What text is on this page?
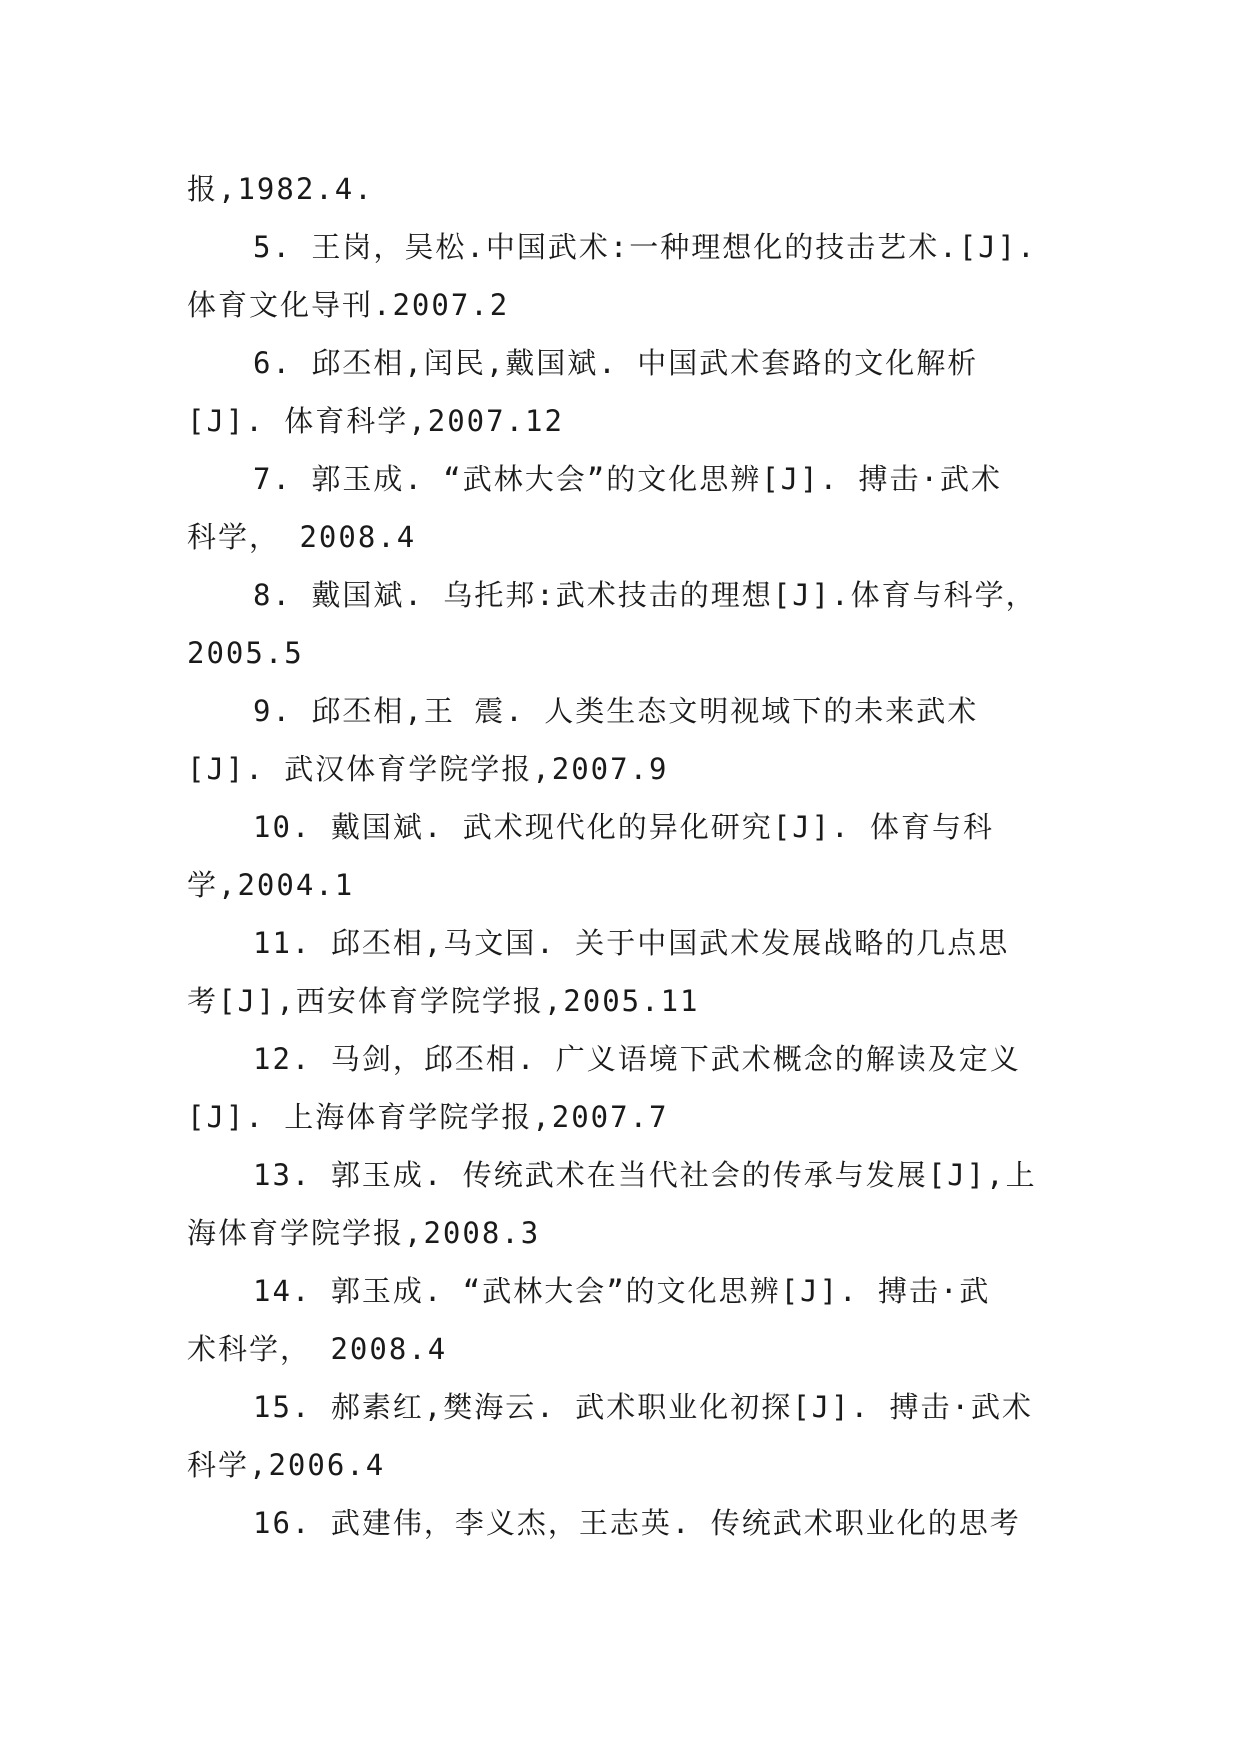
报,1982.4.
5. 王岗，吴松.中国武术:一种理想化的技击艺术.[J].
体育文化导刊.2007.2
6. 邱丕相,闰民,戴国斌. 中国武术套路的文化解析
[J]. 体育科学,2007.12
7. 郭玉成. “武林大会”的文化思辨[J]. 搏击·武术
科学， 2008.4
8. 戴国斌. 乌托邦:武术技击的理想[J].体育与科学，
2005.5
9. 邱丕相,王 震. 人类生态文明视域下的未来武术
[J]. 武汉体育学院学报,2007.9
10. 戴国斌. 武术现代化的异化研究[J]. 体育与科
学,2004.1
11. 邱丕相,马文国. 关于中国武术发展战略的几点思
考[J],西安体育学院学报,2005.11
12. 马剑，邱丕相. 广义语境下武术概念的解读及定义
[J]. 上海体育学院学报,2007.7
13. 郭玉成. 传统武术在当代社会的传承与发展[J],上
海体育学院学报,2008.3
14. 郭玉成. “武林大会”的文化思辨[J]. 搏击·武
术科学， 2008.4
15. 郝素红,樊海云. 武术职业化初探[J]. 搏击·武术
科学,2006.4
16. 武建伟，李义杰，王志英. 传统武术职业化的思考
